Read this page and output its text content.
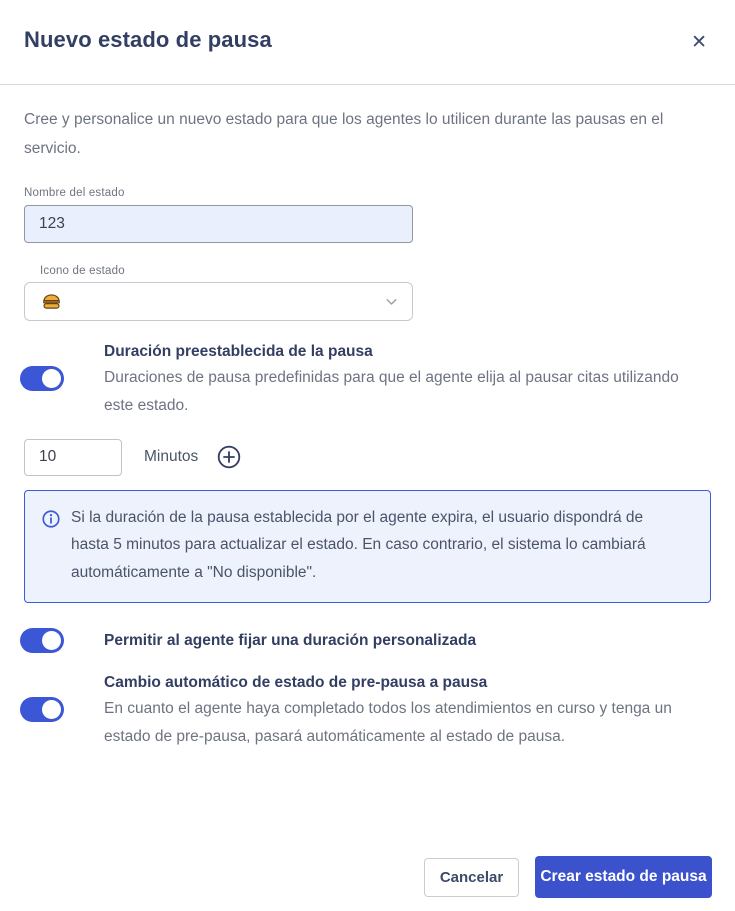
Nuevo estado de pausa	✕

Cree y personalice un nuevo estado para que los agentes lo utilicen durante las pausas en el servicio.

Nombre del estado
123
Icono de estado
Duración preestablecida de la pausa
Duraciones de pausa predefinidas para que el agente elija al pausar citas utilizando este estado.
10
Minutos
Si la duración de la pausa establecida por el agente expira, el usuario dispondrá de hasta 5 minutos para actualizar el estado. En caso contrario, el sistema lo cambiará automáticamente a "No disponible".
Permitir al agente fijar una duración personalizada
Cambio automático de estado de pre-pausa a pausa
En cuanto el agente haya completado todos los atendimientos en curso y tenga un estado de pre-pausa, pasará automáticamente al estado de pausa.
Cancelar	Crear estado de pausa
